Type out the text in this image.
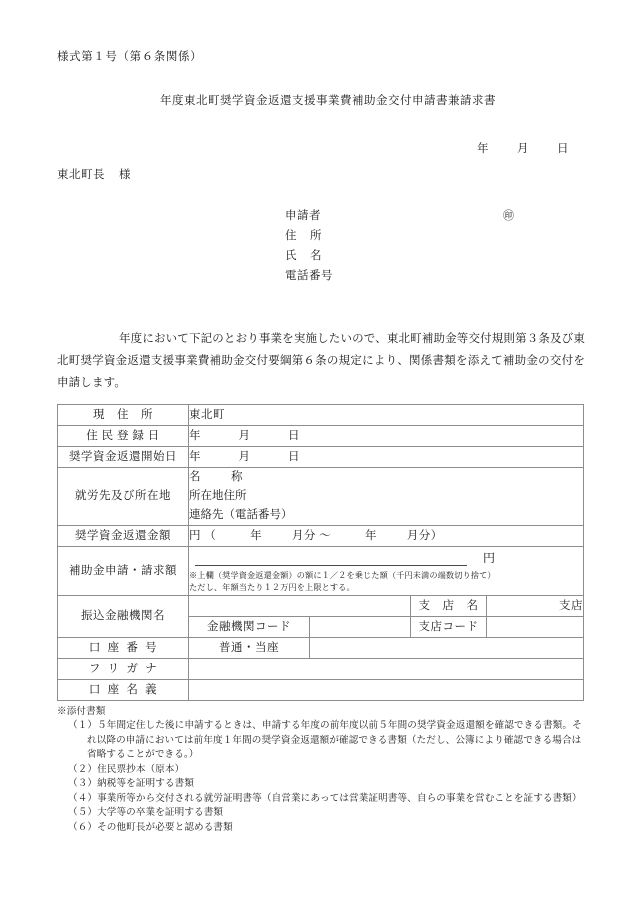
様式第１号（第６条関係）
年度東北町奨学資金返還支援事業費補助金交付申請書兼請求書
年 月 日
東北町長 様
申請者	㊞
住 所
氏 名
電話番号
年度において下記のとおり事業を実施したいので、東北町補助金等交付規則第３条及び東北町奨学資金返還支援事業費補助金交付要綱第６条の規定により、関係書類を添えて補助金の交付を申請します。
現　住　所	東北町			
住 民 登 録 日	年 月 日			
奨学資金返還開始日	年 月 日			
就労先及び所在地	名 称
所在地住所
連絡先（電話番号）			

奨学資金返還金額	円 （ 年 月分 ～ 年 月分）			
補助金申請・請求額	円
※上欄（奨学資金返還金額）の額に１／２を乗じた額（千円未満の端数切り捨て）
ただし、年額当たり１２万円を上限とする。			

振込金融機関名			支　店　名	支店
	金融機関コード		支店コード	
口 座 番 号	普通・当座			
フ リ ガ ナ				
口 座 名 義				
※添付書類
（１）５年間定住した後に申請するときは、申請する年度の前年度以前５年間の奨学資金返還額を確認できる書類。それ以降の申請においては前年度１年間の奨学資金返還額が確認できる書類（ただし、公簿により確認できる場合は省略することができる。）
（２）住民票抄本（原本）
（３）納税等を証明する書類
（４）事業所等から交付される就労証明書等（自営業にあっては営業証明書等、自らの事業を営むことを証する書類）
（５）大学等の卒業を証明する書類
（６）その他町長が必要と認める書類
